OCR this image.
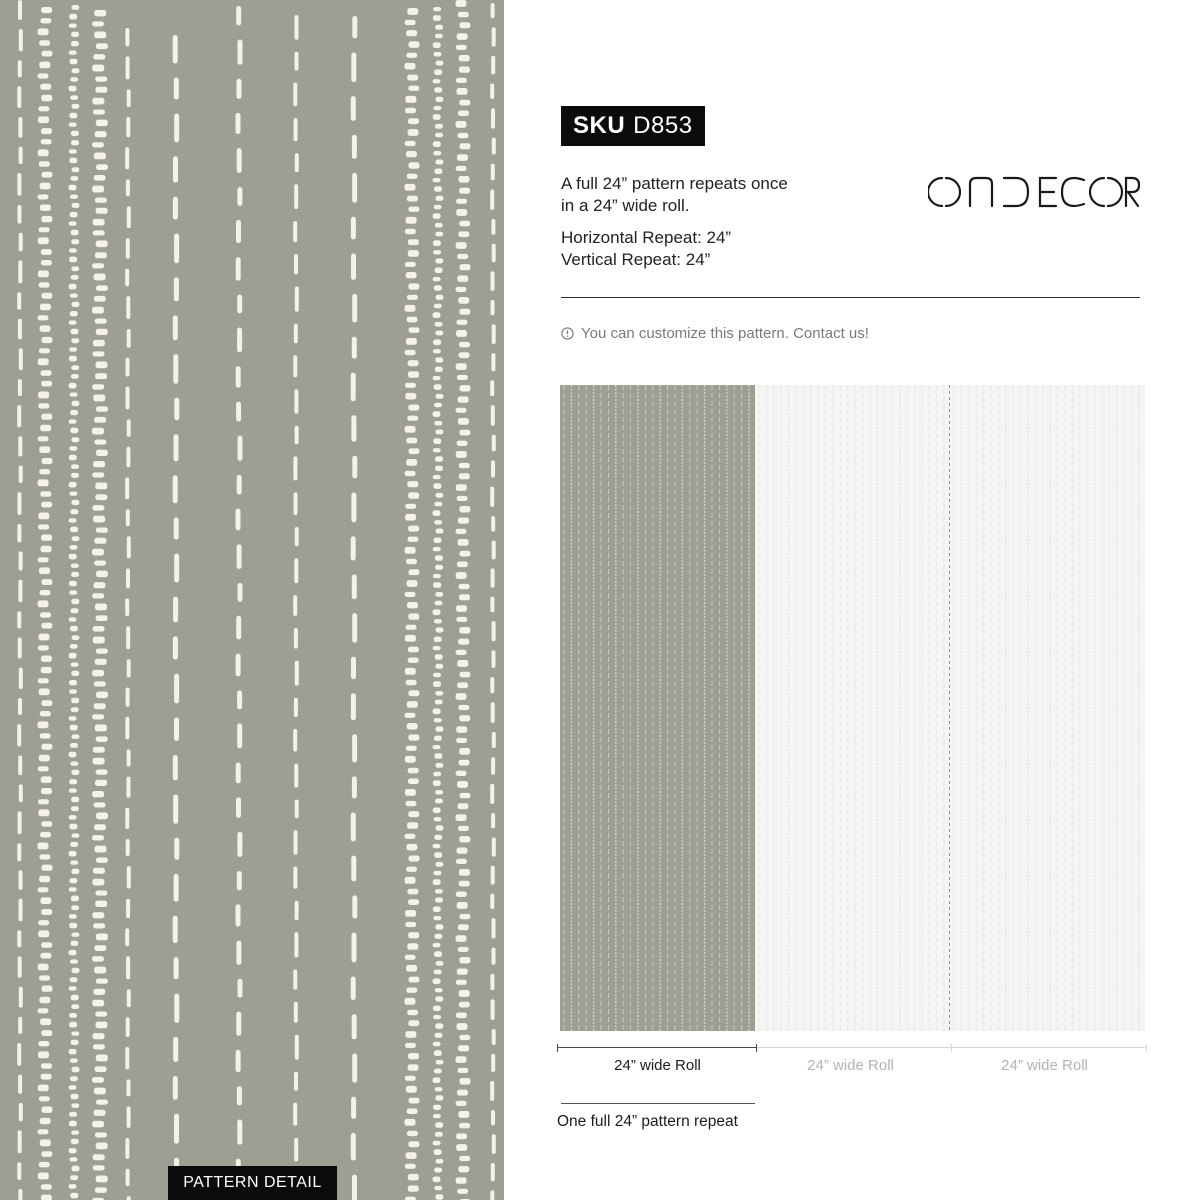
PATTERN DETAIL
SKU D853
A full 24” pattern repeats once
in a 24” wide roll.
Horizontal Repeat: 24”
Vertical Repeat: 24”
ONDECOR
You can customize this pattern. Contact us!
24” wide Roll	24” wide Roll	24” wide Roll
One full 24” pattern repeat
